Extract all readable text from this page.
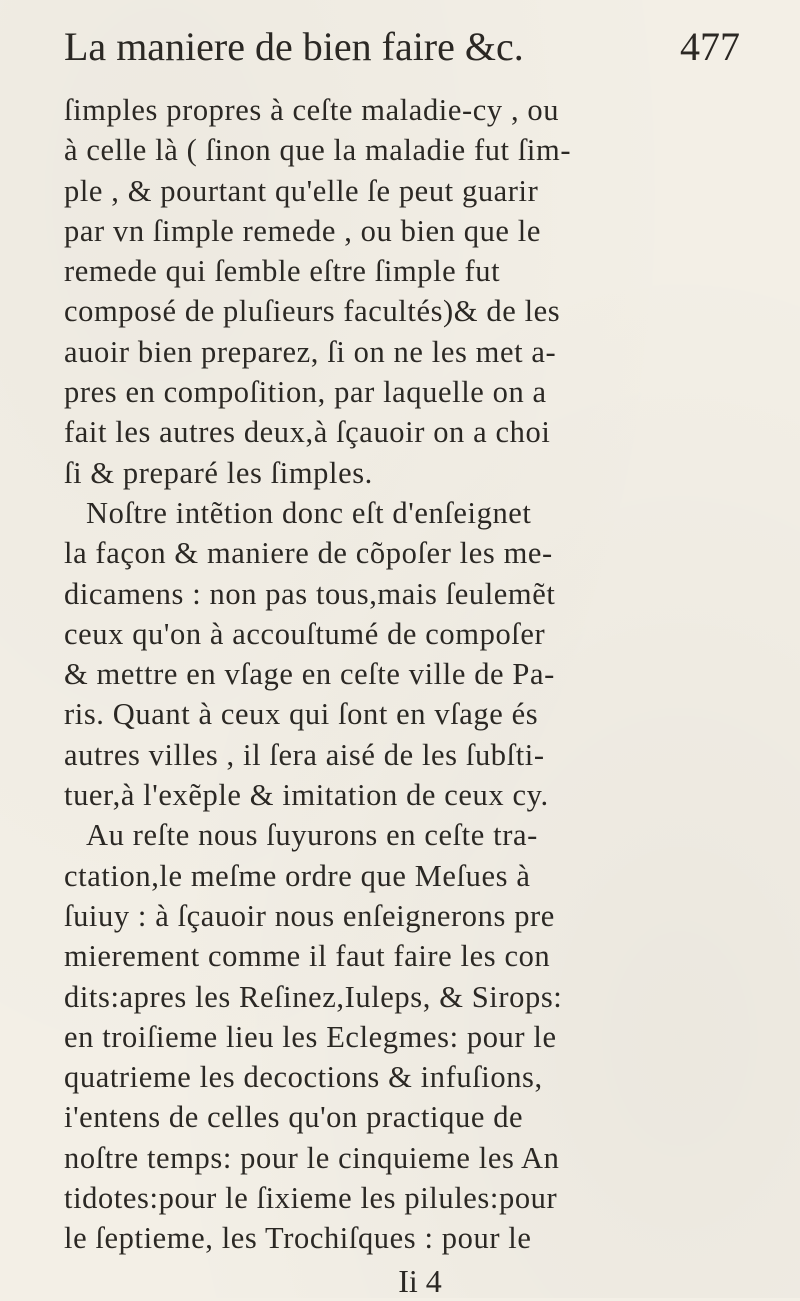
La maniere de bien faire &c.	477
ſimples propres à ceſte maladie-cy , ou
à celle là ( ſinon que la maladie fut ſim-
ple , & pourtant qu'elle ſe peut guarir
par vn ſimple remede , ou bien que le
remede qui ſemble eſtre ſimple fut
composé de pluſieurs facultés)& de les
auoir bien preparez, ſi on ne les met a-
pres en compoſition, par laquelle on a
fait les autres deux,à ſçauoir on a choi
ſi & preparé les ſimples.
Noſtre intẽtion donc eſt d'enſeignet
la façon & maniere de cõpoſer les me-
dicamens : non pas tous,mais ſeulemẽt
ceux qu'on à accouſtumé de compoſer
& mettre en vſage en ceſte ville de Pa-
ris. Quant à ceux qui ſont en vſage és
autres villes , il ſera aisé de les ſubſti-
tuer,à l'exẽple & imitation de ceux cy.
Au reſte nous ſuyurons en ceſte tra-
ctation,le meſme ordre que Meſues à
ſuiuy : à ſçauoir nous enſeignerons pre
mierement comme il faut faire les con
dits:apres les Reſinez,Iuleps, & Sirops:
en troiſieme lieu les Eclegmes: pour le
quatrieme les decoctions & infuſions,
i'entens de celles qu'on practique de
noſtre temps: pour le cinquieme les An
tidotes:pour le ſixieme les pilules:pour
le ſeptieme, les Trochiſques : pour le
Ii 4
